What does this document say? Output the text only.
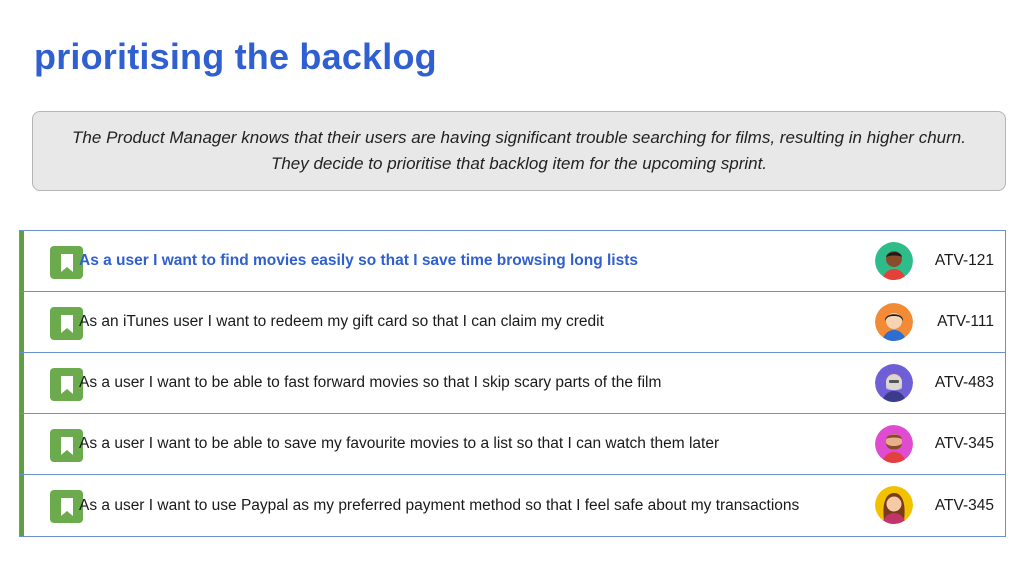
prioritising the backlog

The Product Manager knows that their users are having significant trouble searching for films, resulting in higher churn. They decide to prioritise that backlog item for the upcoming sprint.

As a user I want to find movies easily so that I save time browsing long lists	ATV-121
As an iTunes user I want to redeem my gift card so that I can claim my credit	ATV-111
As a user I want to be able to fast forward movies so that I skip scary parts of the film	ATV-483
As a user I want to be able to save my favourite movies to a list so that I can watch them later	ATV-345
As a user I want to use Paypal as my preferred payment method so that I feel safe about my transactions	ATV-345
